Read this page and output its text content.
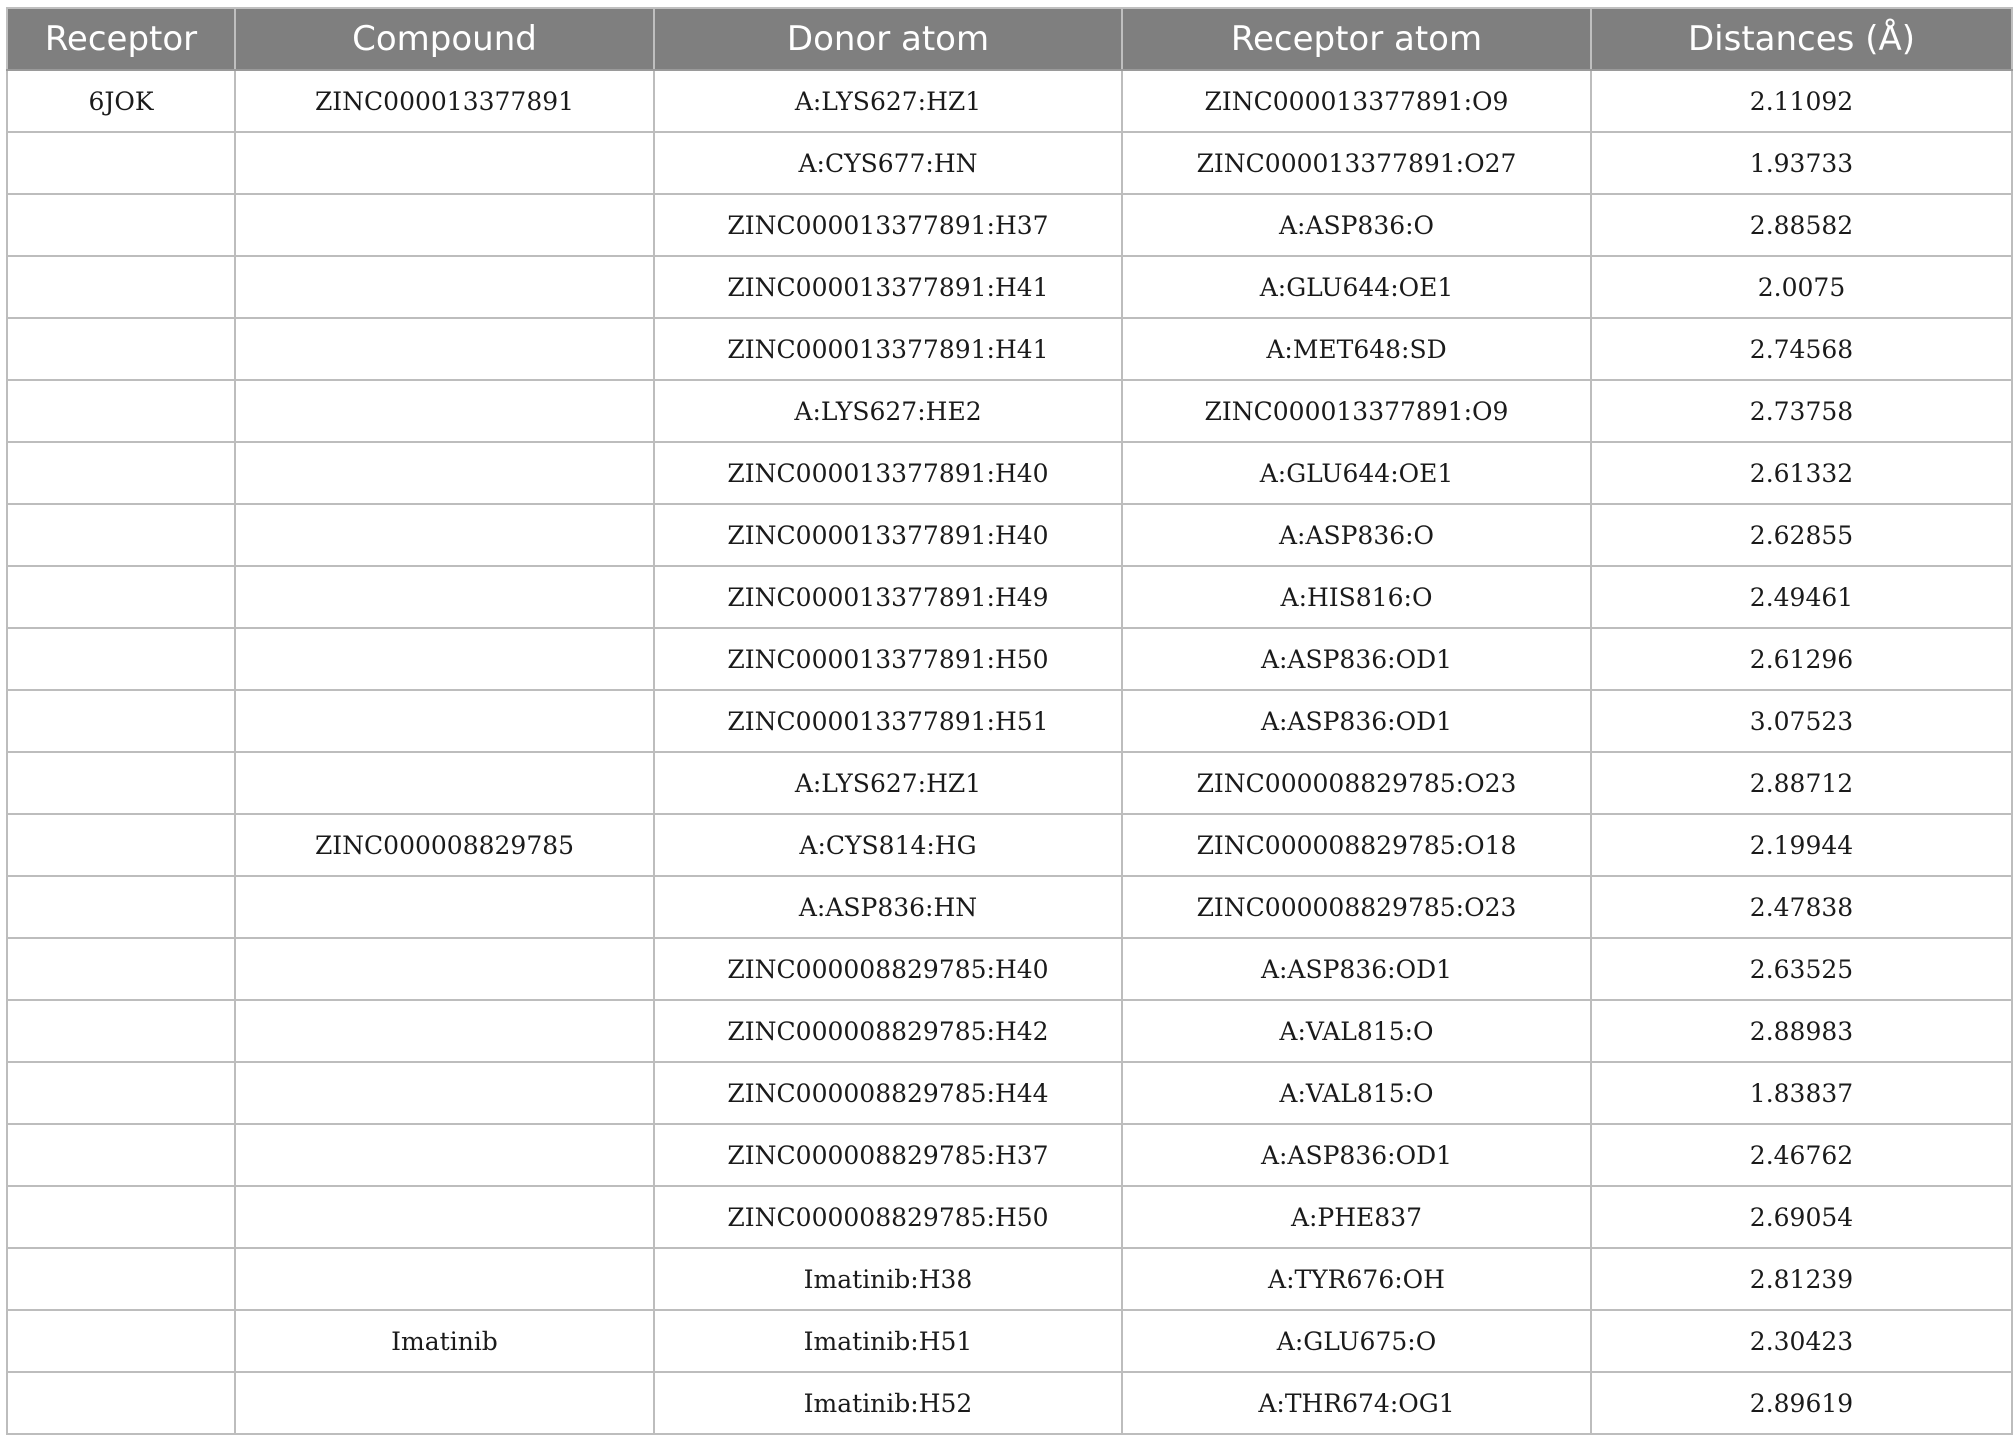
Receptor	Compound	Donor atom	Receptor atom	Distances (Å)
6JOK	ZINC000013377891	A:LYS627:HZ1	ZINC000013377891:O9	2.11092
		A:CYS677:HN	ZINC000013377891:O27	1.93733
		ZINC000013377891:H37	A:ASP836:O	2.88582
		ZINC000013377891:H41	A:GLU644:OE1	2.0075
		ZINC000013377891:H41	A:MET648:SD	2.74568
		A:LYS627:HE2	ZINC000013377891:O9	2.73758
		ZINC000013377891:H40	A:GLU644:OE1	2.61332
		ZINC000013377891:H40	A:ASP836:O	2.62855
		ZINC000013377891:H49	A:HIS816:O	2.49461
		ZINC000013377891:H50	A:ASP836:OD1	2.61296
		ZINC000013377891:H51	A:ASP836:OD1	3.07523
		A:LYS627:HZ1	ZINC000008829785:O23	2.88712
	ZINC000008829785	A:CYS814:HG	ZINC000008829785:O18	2.19944
		A:ASP836:HN	ZINC000008829785:O23	2.47838
		ZINC000008829785:H40	A:ASP836:OD1	2.63525
		ZINC000008829785:H42	A:VAL815:O	2.88983
		ZINC000008829785:H44	A:VAL815:O	1.83837
		ZINC000008829785:H37	A:ASP836:OD1	2.46762
		ZINC000008829785:H50	A:PHE837	2.69054
		Imatinib:H38	A:TYR676:OH	2.81239
	Imatinib	Imatinib:H51	A:GLU675:O	2.30423
		Imatinib:H52	A:THR674:OG1	2.89619
